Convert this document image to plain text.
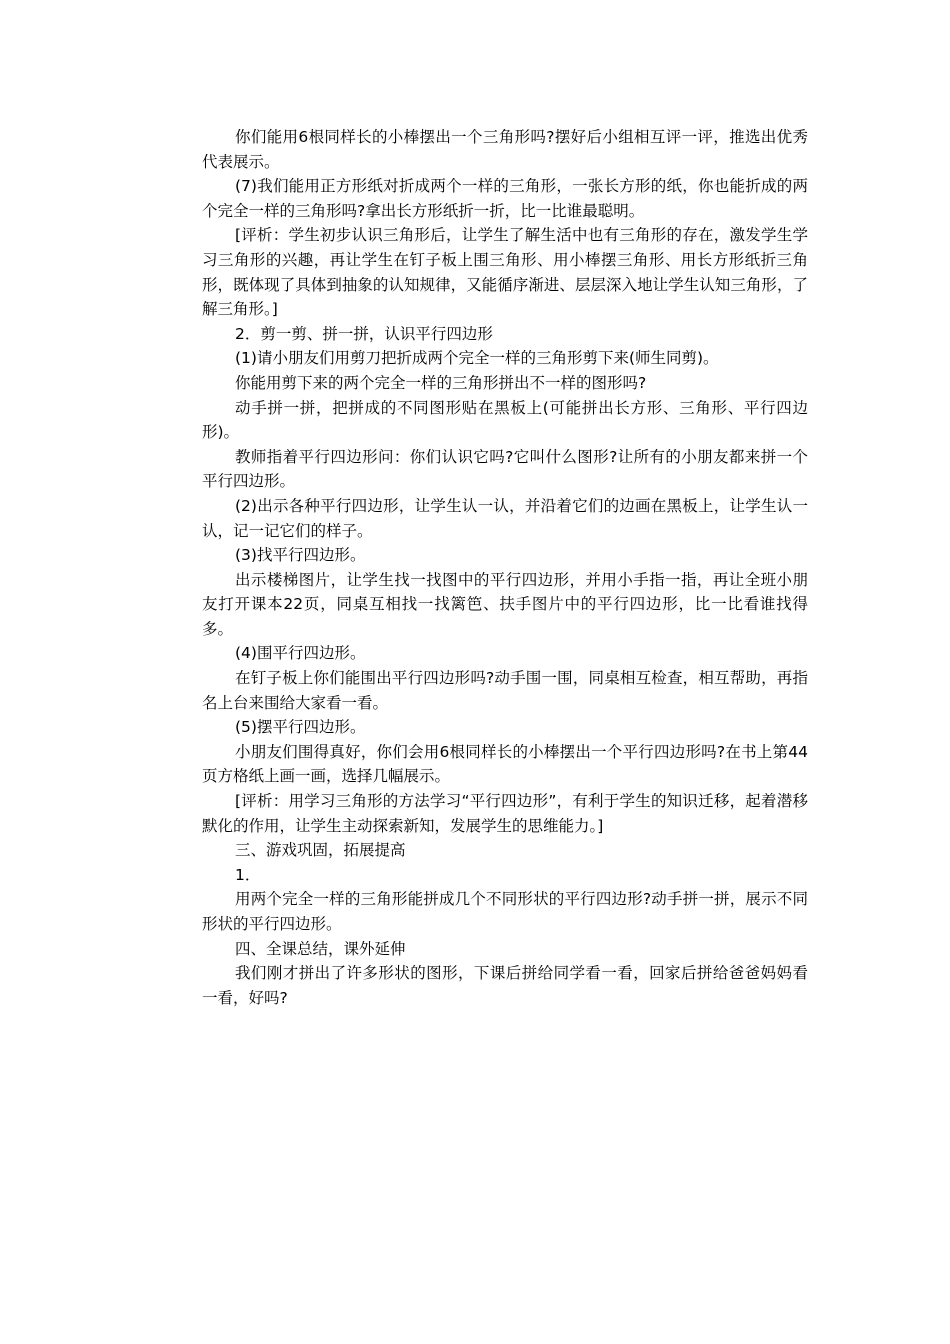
你们能用6根同样长的小棒摆出一个三角形吗?摆好后小组相互评一评，推选出优秀代表展示。

(7)我们能用正方形纸对折成两个一样的三角形，一张长方形的纸，你也能折成的两个完全一样的三角形吗?拿出长方形纸折一折，比一比谁最聪明。

[评析：学生初步认识三角形后，让学生了解生活中也有三角形的存在，激发学生学习三角形的兴趣，再让学生在钉子板上围三角形、用小棒摆三角形、用长方形纸折三角形，既体现了具体到抽象的认知规律，又能循序渐进、层层深入地让学生认知三角形，了解三角形。]

2．剪一剪、拼一拼，认识平行四边形

(1)请小朋友们用剪刀把折成两个完全一样的三角形剪下来(师生同剪)。

你能用剪下来的两个完全一样的三角形拼出不一样的图形吗?

动手拼一拼，把拼成的不同图形贴在黑板上(可能拼出长方形、三角形、平行四边形)。

教师指着平行四边形问：你们认识它吗?它叫什么图形?让所有的小朋友都来拼一个平行四边形。

(2)出示各种平行四边形，让学生认一认，并沿着它们的边画在黑板上，让学生认一认，记一记它们的样子。

(3)找平行四边形。

出示楼梯图片，让学生找一找图中的平行四边形，并用小手指一指，再让全班小朋友打开课本22页，同桌互相找一找篱笆、扶手图片中的平行四边形，比一比看谁找得多。

(4)围平行四边形。

在钉子板上你们能围出平行四边形吗?动手围一围，同桌相互检查，相互帮助，再指名上台来围给大家看一看。

(5)摆平行四边形。

小朋友们围得真好，你们会用6根同样长的小棒摆出一个平行四边形吗?在书上第44页方格纸上画一画，选择几幅展示。

[评析：用学习三角形的方法学习“平行四边形”，有利于学生的知识迁移，起着潜移默化的作用，让学生主动探索新知，发展学生的思维能力。]

三、游戏巩固，拓展提高

1．

用两个完全一样的三角形能拼成几个不同形状的平行四边形?动手拼一拼，展示不同形状的平行四边形。

四、全课总结，课外延伸

我们刚才拼出了许多形状的图形，下课后拼给同学看一看，回家后拼给爸爸妈妈看一看，好吗?
